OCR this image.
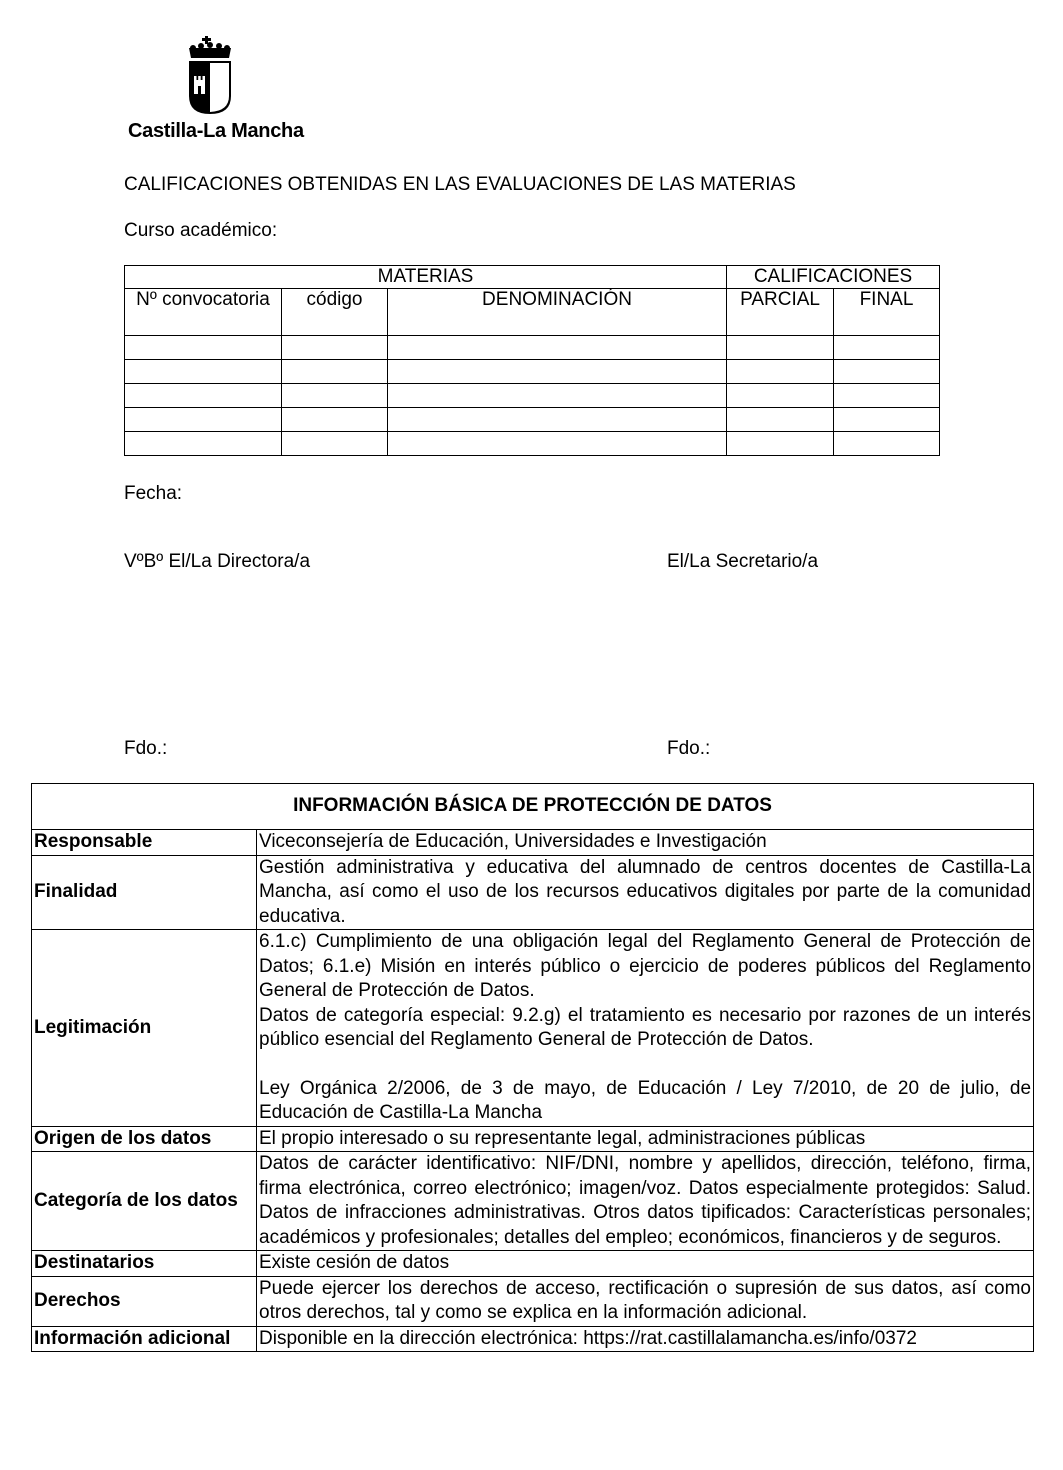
Castilla-La Mancha
CALIFICACIONES OBTENIDAS EN LAS EVALUACIONES DE LAS MATERIAS
Curso académico:
MATERIAS			CALIFICACIONES	
Nº convocatoria	código	DENOMINACIÓN	PARCIAL	FINAL

Fecha:
VºBº El/La Directora/a	El/La Secretario/a
Fdo.:	Fdo.:
INFORMACIÓN BÁSICA DE PROTECCIÓN DE DATOS	
Responsable	Viceconsejería de Educación, Universidades e Investigación

Finalidad	Gestión administrativa y educativa del alumnado de centros docentes de Castilla-La Mancha, así como el uso de los recursos educativos digitales por parte de la comunidad educativa.

Legitimación	6.1.c) Cumplimiento de una obligación legal del Reglamento General de Protección de Datos; 6.1.e) Misión en interés público o ejercicio de poderes públicos del Reglamento General de Protección de Datos.
Datos de categoría especial: 9.2.g) el tratamiento es necesario por razones de un interés público esencial del Reglamento General de Protección de Datos.
Ley Orgánica 2/2006, de 3 de mayo, de Educación / Ley 7/2010, de 20 de julio, de Educación de Castilla-La Mancha

Origen de los datos	El propio interesado o su representante legal, administraciones públicas

Categoría de los datos	Datos de carácter identificativo: NIF/DNI, nombre y apellidos, dirección, teléfono, firma, firma electrónica, correo electrónico; imagen/voz. Datos especialmente protegidos: Salud. Datos de infracciones administrativas. Otros datos tipificados: Características personales; académicos y profesionales; detalles del empleo; económicos, financieros y de seguros.

Destinatarios	Existe cesión de datos

Derechos	Puede ejercer los derechos de acceso, rectificación o supresión de sus datos, así como otros derechos, tal y como se explica en la información adicional.

Información adicional	Disponible en la dirección electrónica: https://rat.castillalamancha.es/info/0372
